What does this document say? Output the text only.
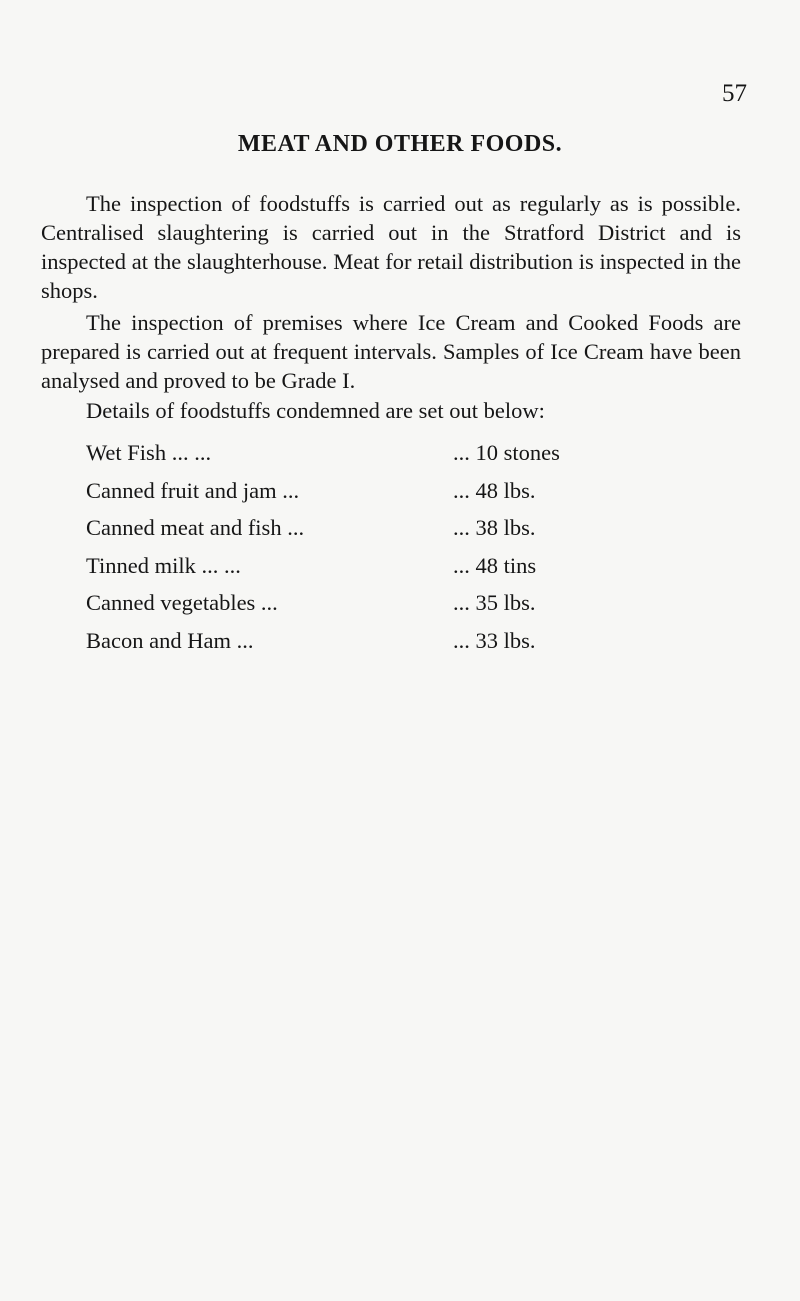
57
MEAT AND OTHER FOODS.

The inspection of foodstuffs is carried out as regularly as is possible. Centralised slaughtering is carried out in the Stratford District and is inspected at the slaughterhouse. Meat for retail distribution is inspected in the shops.

The inspection of premises where Ice Cream and Cooked Foods are prepared is carried out at frequent intervals. Samples of Ice Cream have been analysed and proved to be Grade I.

Details of foodstuffs condemned are set out below:
Wet Fish ... ...	... 10 stones
Canned fruit and jam ...	... 48 lbs.
Canned meat and fish ...	... 38 lbs.
Tinned milk ... ...	... 48 tins
Canned vegetables ...	... 35 lbs.
Bacon and Ham ...	... 33 lbs.
